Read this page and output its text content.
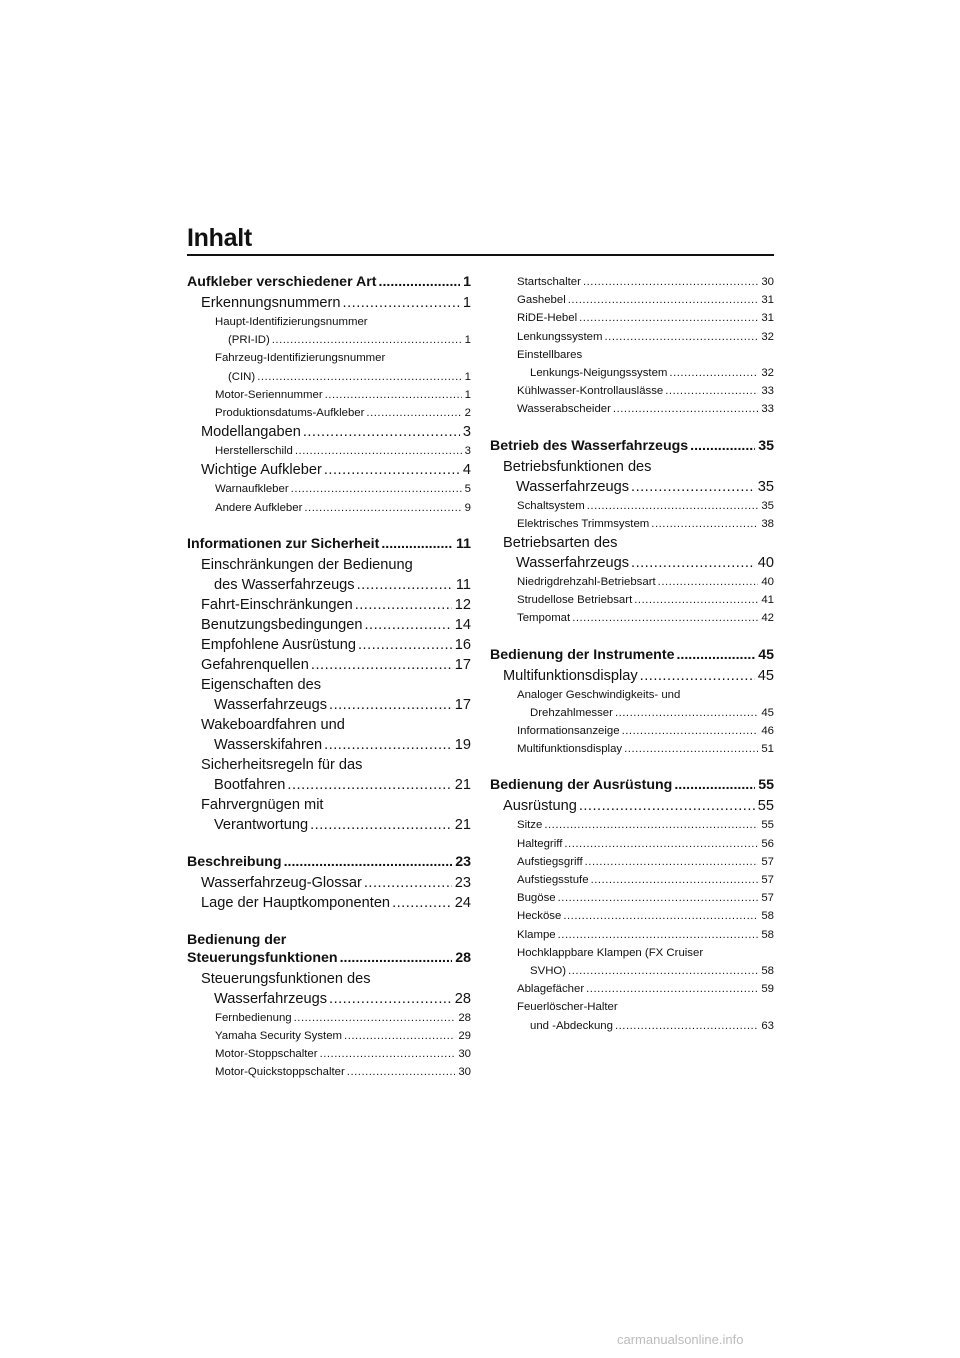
Inhalt
Aufkleber verschiedener Art .....	1
Erkennungsnummern .....	1
Haupt-Identifizierungsnummer
(PRI-ID) .....	1
Fahrzeug-Identifizierungsnummer
(CIN) .....	1
Motor-Seriennummer .....	1
Produktionsdatums-Aufkleber .....	2
Modellangaben .....	3
Herstellerschild .....	3
Wichtige Aufkleber .....	4
Warnaufkleber .....	5
Andere Aufkleber .....	9
Informationen zur Sicherheit .....	11
Einschränkungen der Bedienung
des Wasserfahrzeugs .....	11
Fahrt-Einschränkungen .....	12
Benutzungsbedingungen .....	14
Empfohlene Ausrüstung .....	16
Gefahrenquellen .....	17
Eigenschaften des
Wasserfahrzeugs .....	17
Wakeboardfahren und
Wasserskifahren .....	19
Sicherheitsregeln für das
Bootfahren .....	21
Fahrvergnügen mit
Verantwortung .....	21
Beschreibung .....	23
Wasserfahrzeug-Glossar .....	23
Lage der Hauptkomponenten .....	24
Bedienung der
Steuerungsfunktionen .....	28
Steuerungsfunktionen des
Wasserfahrzeugs .....	28
Fernbedienung .....	28
Yamaha Security System .....	29
Motor-Stoppschalter .....	30
Motor-Quickstoppschalter .....	30
Startschalter .....	30
Gashebel .....	31
RiDE-Hebel .....	31
Lenkungssystem .....	32
Einstellbares
Lenkungs-Neigungssystem .....	32
Kühlwasser-Kontrollauslässe .....	33
Wasserabscheider .....	33
Betrieb des Wasserfahrzeugs .....	35
Betriebsfunktionen des
Wasserfahrzeugs .....	35
Schaltsystem .....	35
Elektrisches Trimmsystem .....	38
Betriebsarten des
Wasserfahrzeugs .....	40
Niedrigdrehzahl-Betriebsart .....	40
Strudellose Betriebsart .....	41
Tempomat .....	42
Bedienung der Instrumente .....	45
Multifunktionsdisplay .....	45
Analoger Geschwindigkeits- und
Drehzahlmesser .....	45
Informationsanzeige .....	46
Multifunktionsdisplay .....	51
Bedienung der Ausrüstung .....	55
Ausrüstung .....	55
Sitze .....	55
Haltegriff .....	56
Aufstiegsgriff .....	57
Aufstiegsstufe .....	57
Bugöse .....	57
Hecköse .....	58
Klampe .....	58
Hochklappbare Klampen (FX Cruiser
SVHO) .....	58
Ablagefächer .....	59
Feuerlöscher-Halter
und -Abdeckung .....	63
carmanualsonline.info
